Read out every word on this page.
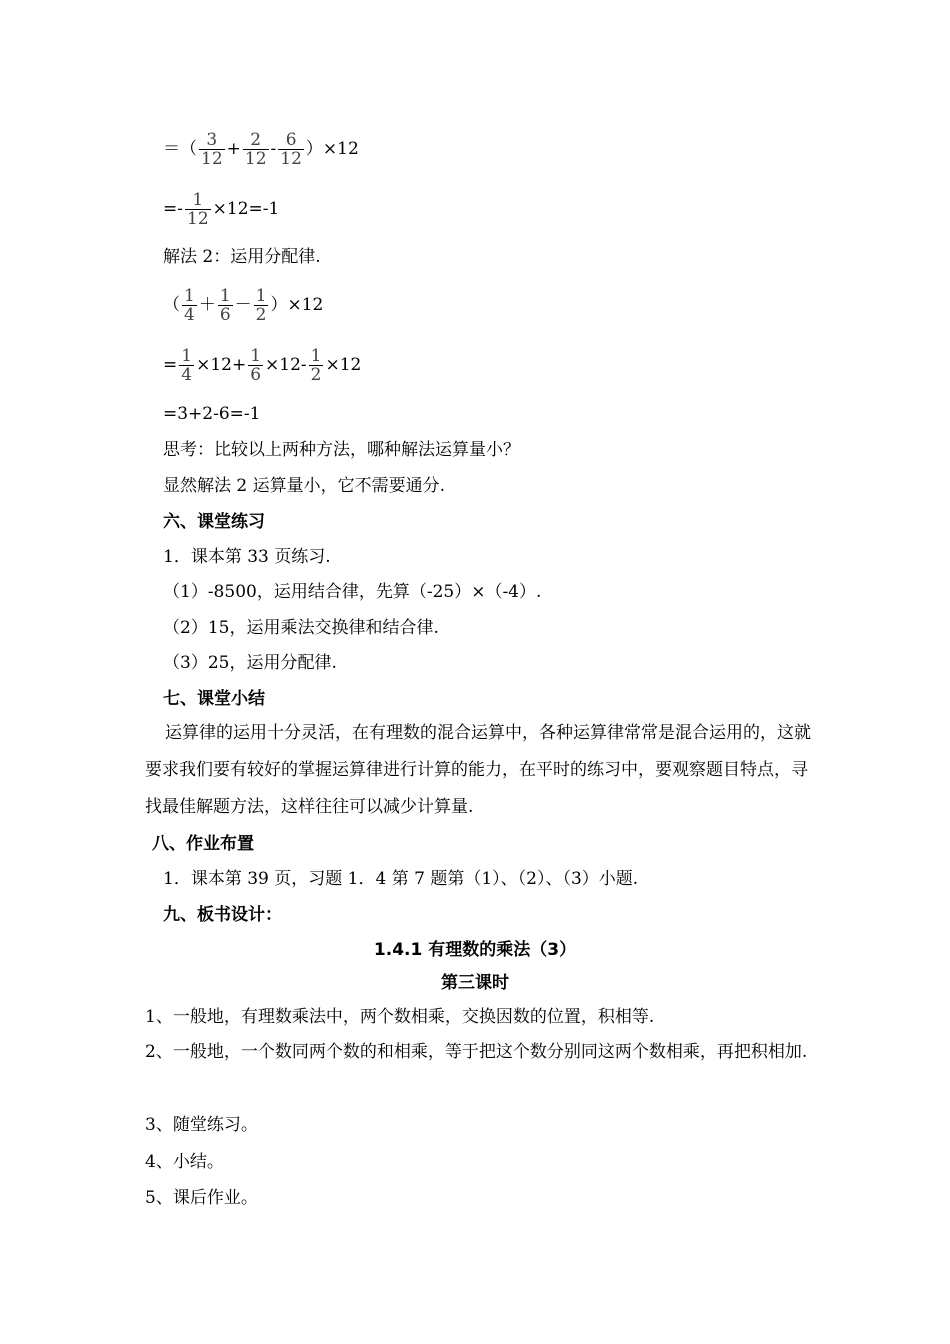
＝（ $\frac{3}{12} + \frac{2}{12} - \frac{6}{12} )\times 12$
=- $\frac{1}{12} \times 12=-1$
解法 2：运用分配律.
（ $\frac{1}{4} + \frac{1}{6} - \frac{1}{2} )\times 12$
= $\frac{1}{4} \times 12+ \frac{1}{6} \times 12- \frac{1}{2} \times 12$
=3+2-6=-1
思考：比较以上两种方法，哪种解法运算量小？
显然解法 2 运算量小，它不需要通分.
六、课堂练习
1．课本第 33 页练习.
（1）-8500，运用结合律，先算（-25）×（-4）.
（2）15，运用乘法交换律和结合律.
（3）25，运用分配律.
七、课堂小结
运算律的运用十分灵活，在有理数的混合运算中，各种运算律常常是混合运用的，这就要求我们要有较好的掌握运算律进行计算的能力，在平时的练习中，要观察题目特点，寻找最佳解题方法，这样往往可以减少计算量.
八、作业布置
1．课本第 39 页，习题 1．4 第 7 题第（1）、（2）、（3）小题.
九、板书设计：
1.4.1 有理数的乘法（3）
第三课时
1、一般地，有理数乘法中，两个数相乘，交换因数的位置，积相等.
2、一般地，一个数同两个数的和相乘，等于把这个数分别同这两个数相乘，再把积相加.
3、随堂练习。
4、小结。
5、课后作业。
